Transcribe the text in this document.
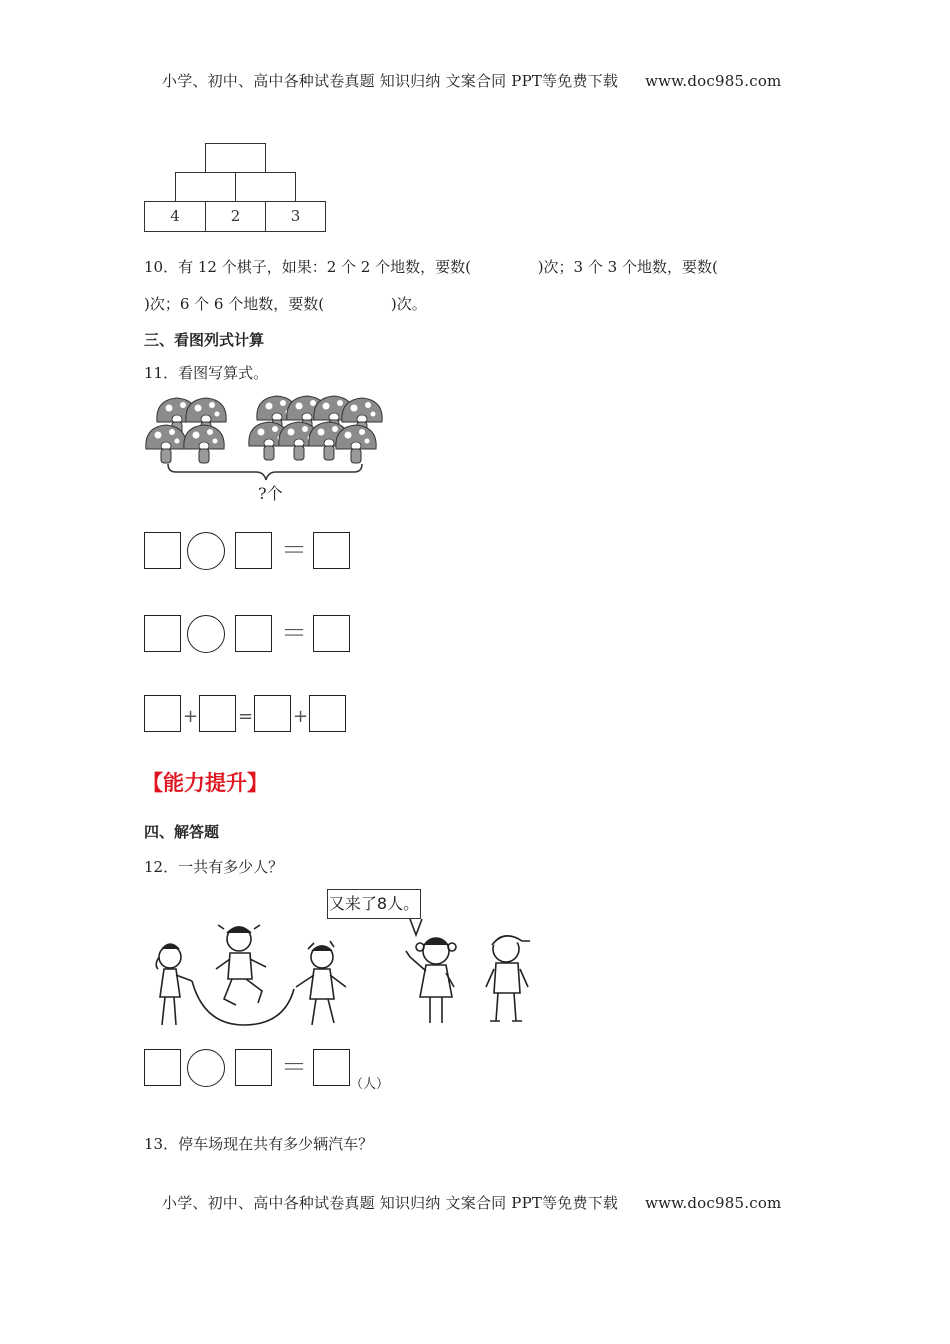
小学、初中、高中各种试卷真题 知识归纳 文案合同 PPT等免费下载 www.doc985.com
4	2	3
10．有 12 个棋子，如果：2 个 2 个地数，要数(              )次；3 个 3 个地数，要数(
)次；6 个 6 个地数，要数(              )次。
三、看图列式计算
11．看图写算式。
?个
＝
＝
+ = +
【能力提升】
四、解答题
12．一共有多少人？
又来了8人。
＝
（人）
13．停车场现在共有多少辆汽车？
小学、初中、高中各种试卷真题 知识归纳 文案合同 PPT等免费下载 www.doc985.com
